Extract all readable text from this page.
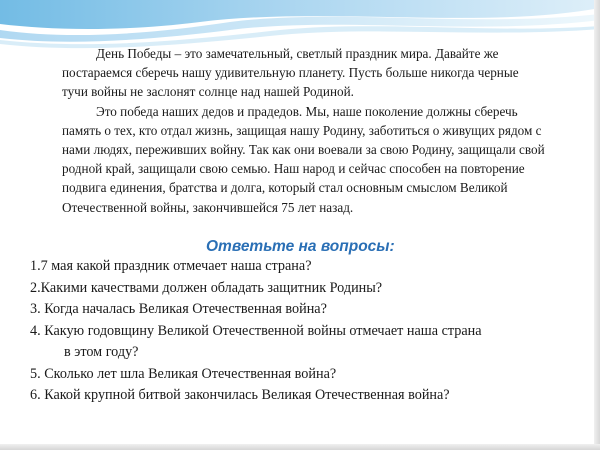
День Победы – это замечательный, светлый праздник мира. Давайте же
постараемся сберечь нашу удивительную планету. Пусть больше никогда черные
тучи войны не заслонят солнце над нашей Родиной.

Это победа наших дедов и прадедов. Мы, наше поколение должны сберечь
память о тех, кто отдал жизнь, защищая нашу Родину, заботиться о живущих рядом с
нами людях, переживших войну. Так как они воевали за свою Родину, защищали свой
родной край, защищали свою семью. Наш народ и сейчас способен на повторение
подвига единения, братства и долга, который стал основным смыслом Великой
Отечественной войны, закончившейся 75 лет назад.

Ответьте на вопросы:
1.7 мая какой праздник отмечает наша страна?
2.Какими качествами должен обладать защитник Родины?
3. Когда началась Великая Отечественная война?
4. Какую годовщину Великой Отечественной войны отмечает наша страна
в этом году?
5. Сколько лет шла Великая Отечественная война?
6. Какой крупной битвой закончилась Великая Отечественная война?
